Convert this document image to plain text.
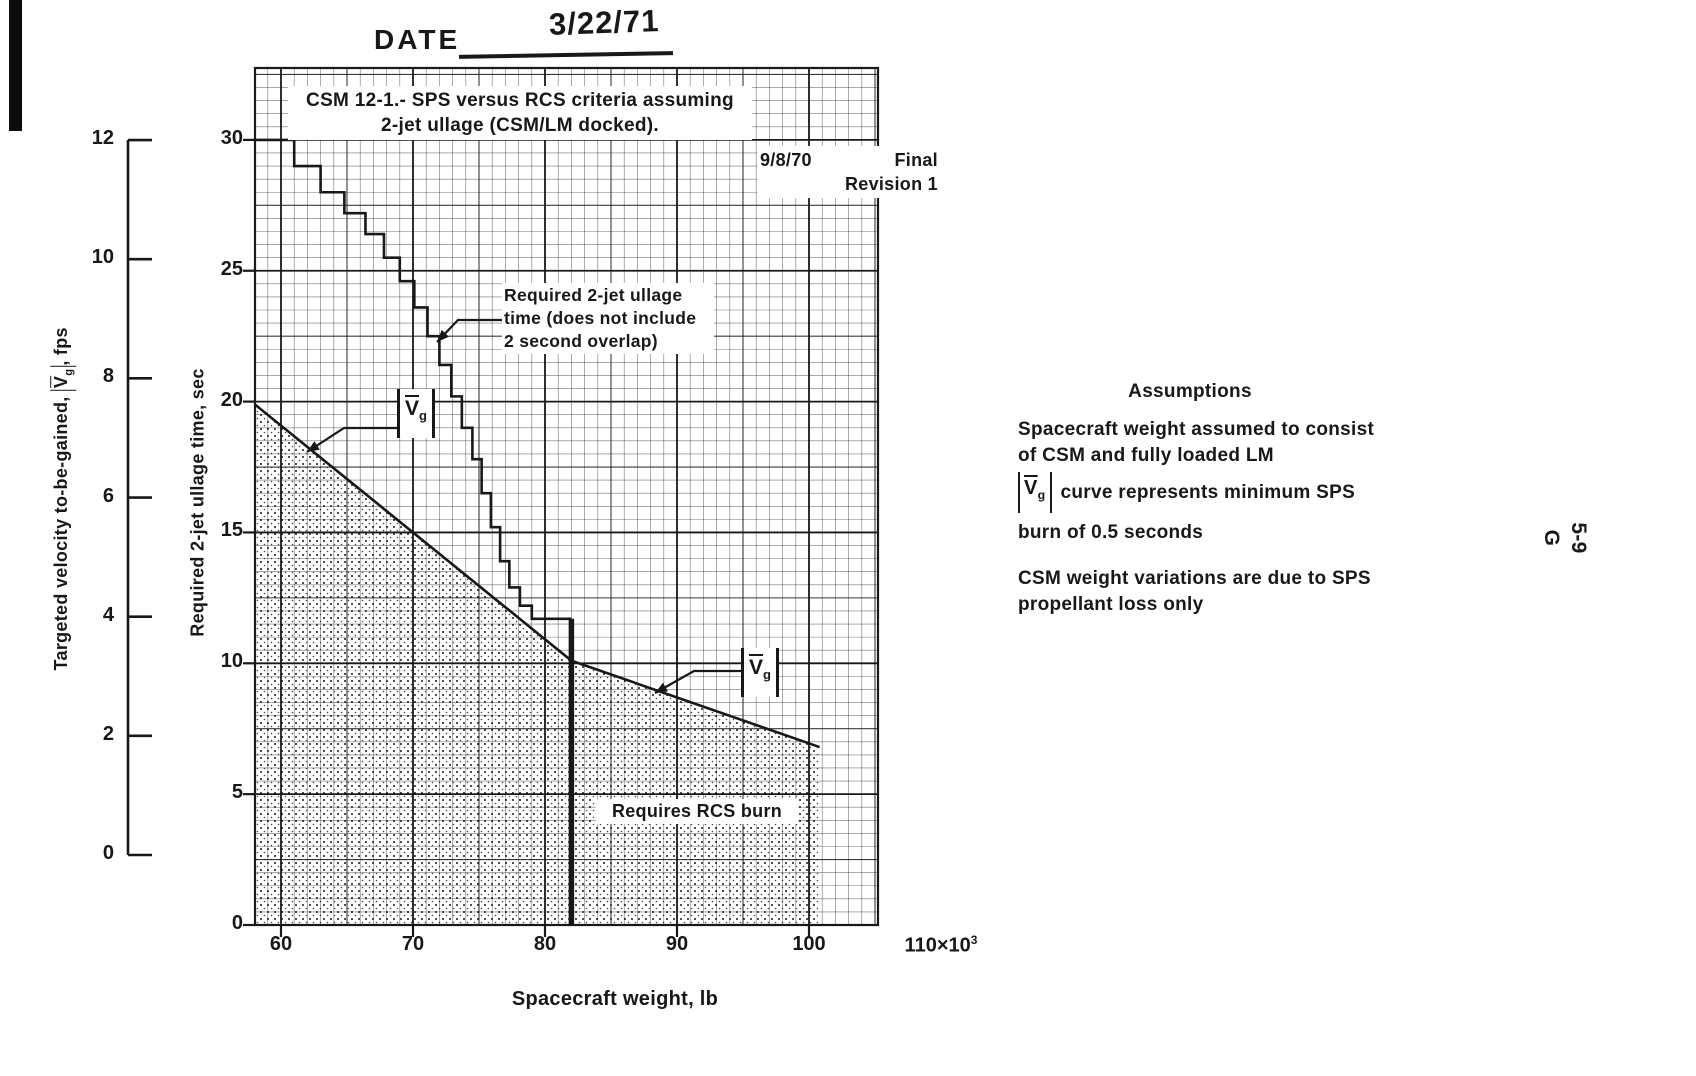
DATE	3/22/71
CSM 12-1.- SPS versus RCS criteria assuming
2-jet ullage (CSM/LM docked).
9/8/70	Final
Revision 1
Required 2-jet ullage
time (does not include
2 second overlap)
$\overline{V}_g$
$\overline{V}_g$
Requires RCS burn
Targeted velocity to-be-gained, $\overline{V}_g$, fps
Required 2-jet ullage time, sec
Spacecraft weight, lb
Assumptions
Spacecraft weight assumed to consist
of CSM and fully loaded LM
$\overline{V}_g$ curve represents minimum SPS
burn of 0.5 seconds
CSM weight variations are due to SPS
propellant loss only
5-9
G
0
2
4
6
8
10
12
0
5
10
15
20
25
30
60	70	80	90	100	$110\times 10^3$
